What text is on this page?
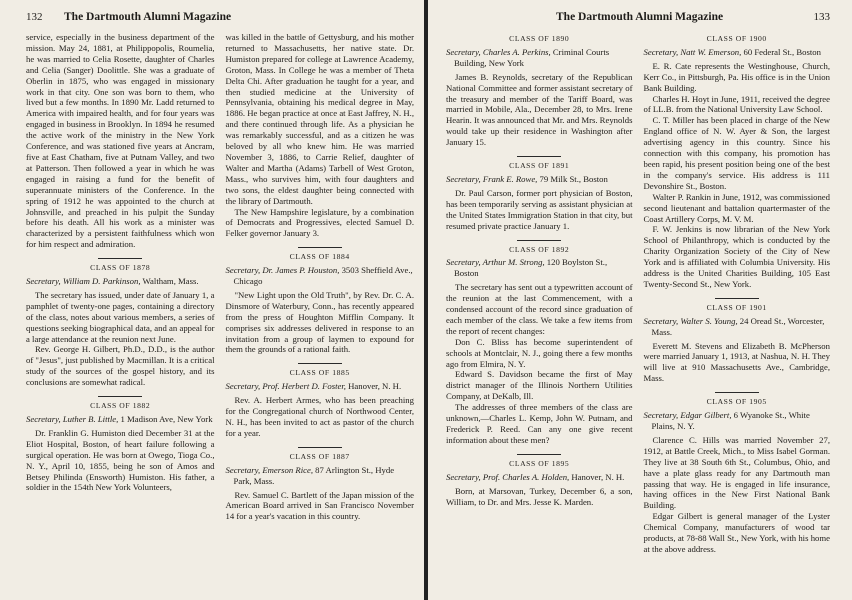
132 The Dartmouth Alumni Magazine

service, especially in the business department of the mission. May 24, 1881, at Philippopolis, Roumelia, he was married to Celia Rosette, daughter of Charles and Celia (Sanger) Doolittle. She was a graduate of Oberlin in 1875, who was engaged in missionary work in that city. One son was born to them, who lived but a few months. In 1890 Mr. Ladd returned to America with impaired health, and for four years was engaged in business in Brooklyn. In 1894 he resumed the active work of the ministry in the New York Conference, and was stationed five years at Ancram, five at East Chatham, five at Putnam Valley, and two at Patterson. Then followed a year in which he was engaged in raising a fund for the benefit of superannuate ministers of the Conference. In the spring of 1912 he was appointed to the church at Johnsville, and preached in his pulpit the Sunday before his death. All his work as a minister was characterized by a persistent faithfulness which won for him respect and admiration.

CLASS OF 1878

Secretary, William D. Parkinson, Waltham, Mass.

The secretary has issued, under date of January 1, a pamphlet of twenty-one pages, containing a directory of the class, notes about various members, a series of questions seeking biographical data, and an appeal for a large attendance at the reunion next June.

Rev. George H. Gilbert, Ph.D., D.D., is the author of "Jesus", just published by Macmillan. It is a critical study of the sources of the gospel history, and its conclusions are somewhat radical.

CLASS OF 1882

Secretary, Luther B. Little, 1 Madison Ave, New York

Dr. Franklin G. Humiston died December 31 at the Eliot Hospital, Boston, of heart failure following a surgical operation. He was born at Owego, Tioga Co., N. Y., April 10, 1855, being he son of Amos and Betsey Philinda (Ensworth) Humiston. His father, a soldier in the 154th New York Volunteers,

was killed in the battle of Gettysburg, and his mother returned to Massachusetts, her native state. Dr. Humiston prepared for college at Lawrence Academy, Groton, Mass. In College he was a member of Theta Delta Chi. After graduation he taught for a year, and then studied medicine at the University of Pennsylvania, obtaining his medical degree in May, 1886. He began practice at once at East Jaffrey, N. H., and there continued through life. As a physician he was remarkably successful, and as a citizen he was beloved by all who knew him. He was married November 3, 1886, to Carrie Relief, daughter of Walter and Martha (Adams) Tarbell of West Groton, Mass., who survives him, with four daughters and two sons, the eldest daughter being connected with the library of Dartmouth.

The New Hampshire legislature, by a combination of Democrats and Progressives, elected Samuel D. Felker governor January 3.

CLASS OF 1884

Secretary, Dr. James P. Houston, 3503 Sheffield Ave., Chicago

"New Light upon the Old Truth", by Rev. Dr. C. A. Dinsmore of Waterbury, Conn., has recently appeared from the press of Houghton Mifflin Company. It comprises six addresses delivered in response to an invitation from a group of laymen to expound for them the grounds of a rational faith.

CLASS OF 1885

Secretary, Prof. Herbert D. Foster, Hanover, N. H.

Rev. A. Herbert Armes, who has been preaching for the Congregational church of Northwood Center, N. H., has been invited to act as pastor of the church for a year.

CLASS OF 1887

Secretary, Emerson Rice, 87 Arlington St., Hyde Park, Mass.

Rev. Samuel C. Bartlett of the Japan mission of the American Board arrived in San Francisco November 14 for a year's vacation in this country.

The Dartmouth Alumni Magazine	133
CLASS OF 1890

Secretary, Charles A. Perkins, Criminal Courts Building, New York

James B. Reynolds, secretary of the Republican National Committee and former assistant secretary of the treasury and member of the Tariff Board, was married in Mobile, Ala., December 28, to Mrs. Irene Hearin. It was announced that Mr. and Mrs. Reynolds would take up their residence in Washington after January 15.

CLASS OF 1891

Secretary, Frank E. Rowe, 79 Milk St., Boston

Dr. Paul Carson, former port physician of Boston, has been temporarily serving as assistant physician at the United States Immigration Station in that city, but resumed private practice January 1.

CLASS OF 1892

Secretary, Arthur M. Strong, 120 Boylston St., Boston

The secretary has sent out a typewritten account of the reunion at the last Commencement, with a condensed account of the record since graduation of each member of the class. We take a few items from the report of recent changes:

Don C. Bliss has become superintendent of schools at Montclair, N. J., going there a few months ago from Elmira, N. Y.

Edward S. Davidson became the first of May district manager of the Illinois Northern Utilities Company, at DeKalb, Ill.

The addresses of three members of the class are unknown,—Charles L. Kemp, John W. Putnam, and Frederick P. Reed. Can any one give recent information about these men?

CLASS OF 1895

Secretary, Prof. Charles A. Holden, Hanover, N. H.

Born, at Marsovan, Turkey, December 6, a son, William, to Dr. and Mrs. Jesse K. Marden.

CLASS OF 1900

Secretary, Natt W. Emerson, 60 Federal St., Boston

E. R. Cate represents the Westinghouse, Church, Kerr Co., in Pittsburgh, Pa. His office is in the Union Bank Building.

Charles H. Hoyt in June, 1911, received the degree of LL.B. from the National University Law School.

C. T. Miller has been placed in charge of the New England office of N. W. Ayer & Son, the largest advertising agency in this country. Since his connection with this company, his promotion has been rapid, his present position being one of the best in the company's service. His address is 111 Devonshire St., Boston.

Walter P. Rankin in June, 1912, was commissioned second lieutenant and battalion quartermaster of the Coast Artillery Corps, M. V. M.

F. W. Jenkins is now librarian of the New York School of Philanthropy, which is conducted by the Charity Organization Society of the City of New York and is affiliated with Columbia University. His address is the United Charities Building, 105 East Twenty-Second St., New York.

CLASS OF 1901

Secretary, Walter S. Young, 24 Oread St., Worcester, Mass.

Everett M. Stevens and Elizabeth B. McPherson were married January 1, 1913, at Nashua, N. H. They will live at 910 Massachusetts Ave., Cambridge, Mass.

CLASS OF 1905

Secretary, Edgar Gilbert, 6 Wyanoke St., White Plains, N. Y.

Clarence C. Hills was married November 27, 1912, at Battle Creek, Mich., to Miss Isabel Gorman. They live at 38 South 6th St., Columbus, Ohio, and have a plate glass ready for any Dartmouth man passing that way. He is engaged in life insurance, having offices in the New First National Bank Building.

Edgar Gilbert is general manager of the Lyster Chemical Company, manufacturers of wood tar products, at 78-88 Wall St., New York, with his home at the above address.
